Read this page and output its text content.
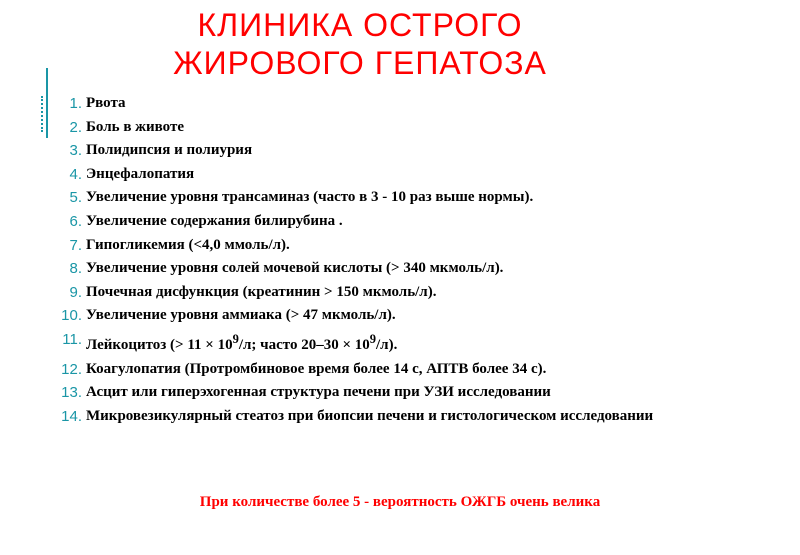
КЛИНИКА ОСТРОГО
ЖИРОВОГО ГЕПАТОЗА
1. Рвота
2. Боль в животе
3. Полидипсия и полиурия
4. Энцефалопатия
5. Увеличение уровня трансаминаз (часто в 3 - 10 раз выше нормы).
6. Увеличение содержания билирубина .
7. Гипогликемия (<4,0 ммоль/л).
8. Увеличение уровня солей мочевой кислоты (> 340 мкмоль/л).
9. Почечная дисфункция (креатинин > 150 мкмоль/л).
10. Увеличение уровня аммиака (> 47 мкмоль/л).
11. Лейкоцитоз (> $11 \times 10^9/л$; часто $20-30 \times 10^9/л$).
12. Коагулопатия (Протромбиновое время более 14 с, АПТВ более 34 с).
13. Асцит или гиперэхогенная структура печени при УЗИ исследовании
14. Микровезикулярный стеатоз при биопсии печени и гистологическом исследовании
При количестве более 5 - вероятность ОЖГБ очень велика
